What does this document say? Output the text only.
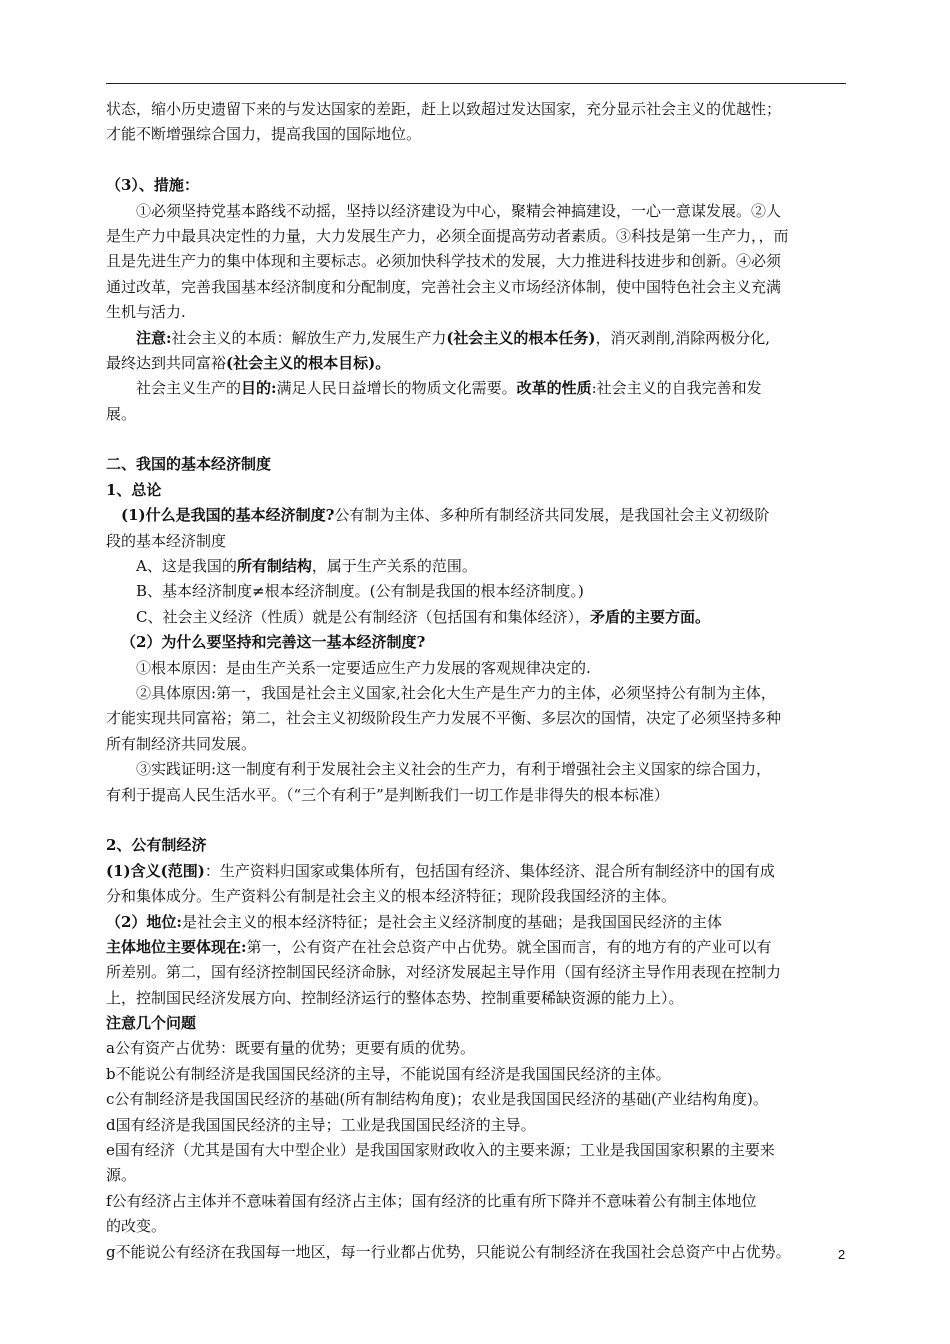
状态，缩小历史遗留下来的与发达国家的差距，赶上以致超过发达国家，充分显示社会主义的优越性；
才能不断增强综合国力，提高我国的国际地位。
（3）、措施：
①必须坚持党基本路线不动摇，坚持以经济建设为中心，聚精会神搞建设，一心一意谋发展。②人
是生产力中最具决定性的力量，大力发展生产力，必须全面提高劳动者素质。③科技是第一生产力，，而
且是先进生产力的集中体现和主要标志。必须加快科学技术的发展，大力推进科技进步和创新。④必须
通过改革，完善我国基本经济制度和分配制度，完善社会主义市场经济体制，使中国特色社会主义充满
生机与活力.
注意:社会主义的本质：解放生产力,发展生产力(社会主义的根本任务)，消灭剥削,消除两极分化,
最终达到共同富裕(社会主义的根本目标)。
社会主义生产的目的:满足人民日益增长的物质文化需要。改革的性质:社会主义的自我完善和发
展。
二、我国的基本经济制度
1、总论
(1)什么是我国的基本经济制度?公有制为主体、多种所有制经济共同发展，是我国社会主义初级阶
段的基本经济制度
A、这是我国的所有制结构，属于生产关系的范围。
B、基本经济制度≠根本经济制度。(公有制是我国的根本经济制度。)
C、社会主义经济（性质）就是公有制经济（包括国有和集体经济），矛盾的主要方面。
（2）为什么要坚持和完善这一基本经济制度?
①根本原因：是由生产关系一定要适应生产力发展的客观规律决定的.
②具体原因:第一，我国是社会主义国家,社会化大生产是生产力的主体，必须坚持公有制为主体，
才能实现共同富裕；第二，社会主义初级阶段生产力发展不平衡、多层次的国情，决定了必须坚持多种
所有制经济共同发展。
③实践证明:这一制度有利于发展社会主义社会的生产力，有利于增强社会主义国家的综合国力，
有利于提高人民生活水平。（“三个有利于”是判断我们一切工作是非得失的根本标准）
2、公有制经济
(1)含义(范围)：生产资料归国家或集体所有，包括国有经济、集体经济、混合所有制经济中的国有成
分和集体成分。生产资料公有制是社会主义的根本经济特征；现阶段我国经济的主体。
（2）地位:是社会主义的根本经济特征；是社会主义经济制度的基础；是我国国民经济的主体
主体地位主要体现在:第一，公有资产在社会总资产中占优势。就全国而言，有的地方有的产业可以有
所差别。第二，国有经济控制国民经济命脉，对经济发展起主导作用（国有经济主导作用表现在控制力
上，控制国民经济发展方向、控制经济运行的整体态势、控制重要稀缺资源的能力上）。
注意几个问题
a公有资产占优势：既要有量的优势；更要有质的优势。
b不能说公有制经济是我国国民经济的主导，不能说国有经济是我国国民经济的主体。
c公有制经济是我国国民经济的基础(所有制结构角度)；农业是我国国民经济的基础(产业结构角度)。
d国有经济是我国国民经济的主导；工业是我国国民经济的主导。
e国有经济（尤其是国有大中型企业）是我国国家财政收入的主要来源；工业是我国国家积累的主要来
源。
f公有经济占主体并不意味着国有经济占主体；国有经济的比重有所下降并不意味着公有制主体地位
的改变。
g不能说公有经济在我国每一地区，每一行业都占优势，只能说公有制经济在我国社会总资产中占优势。	2
